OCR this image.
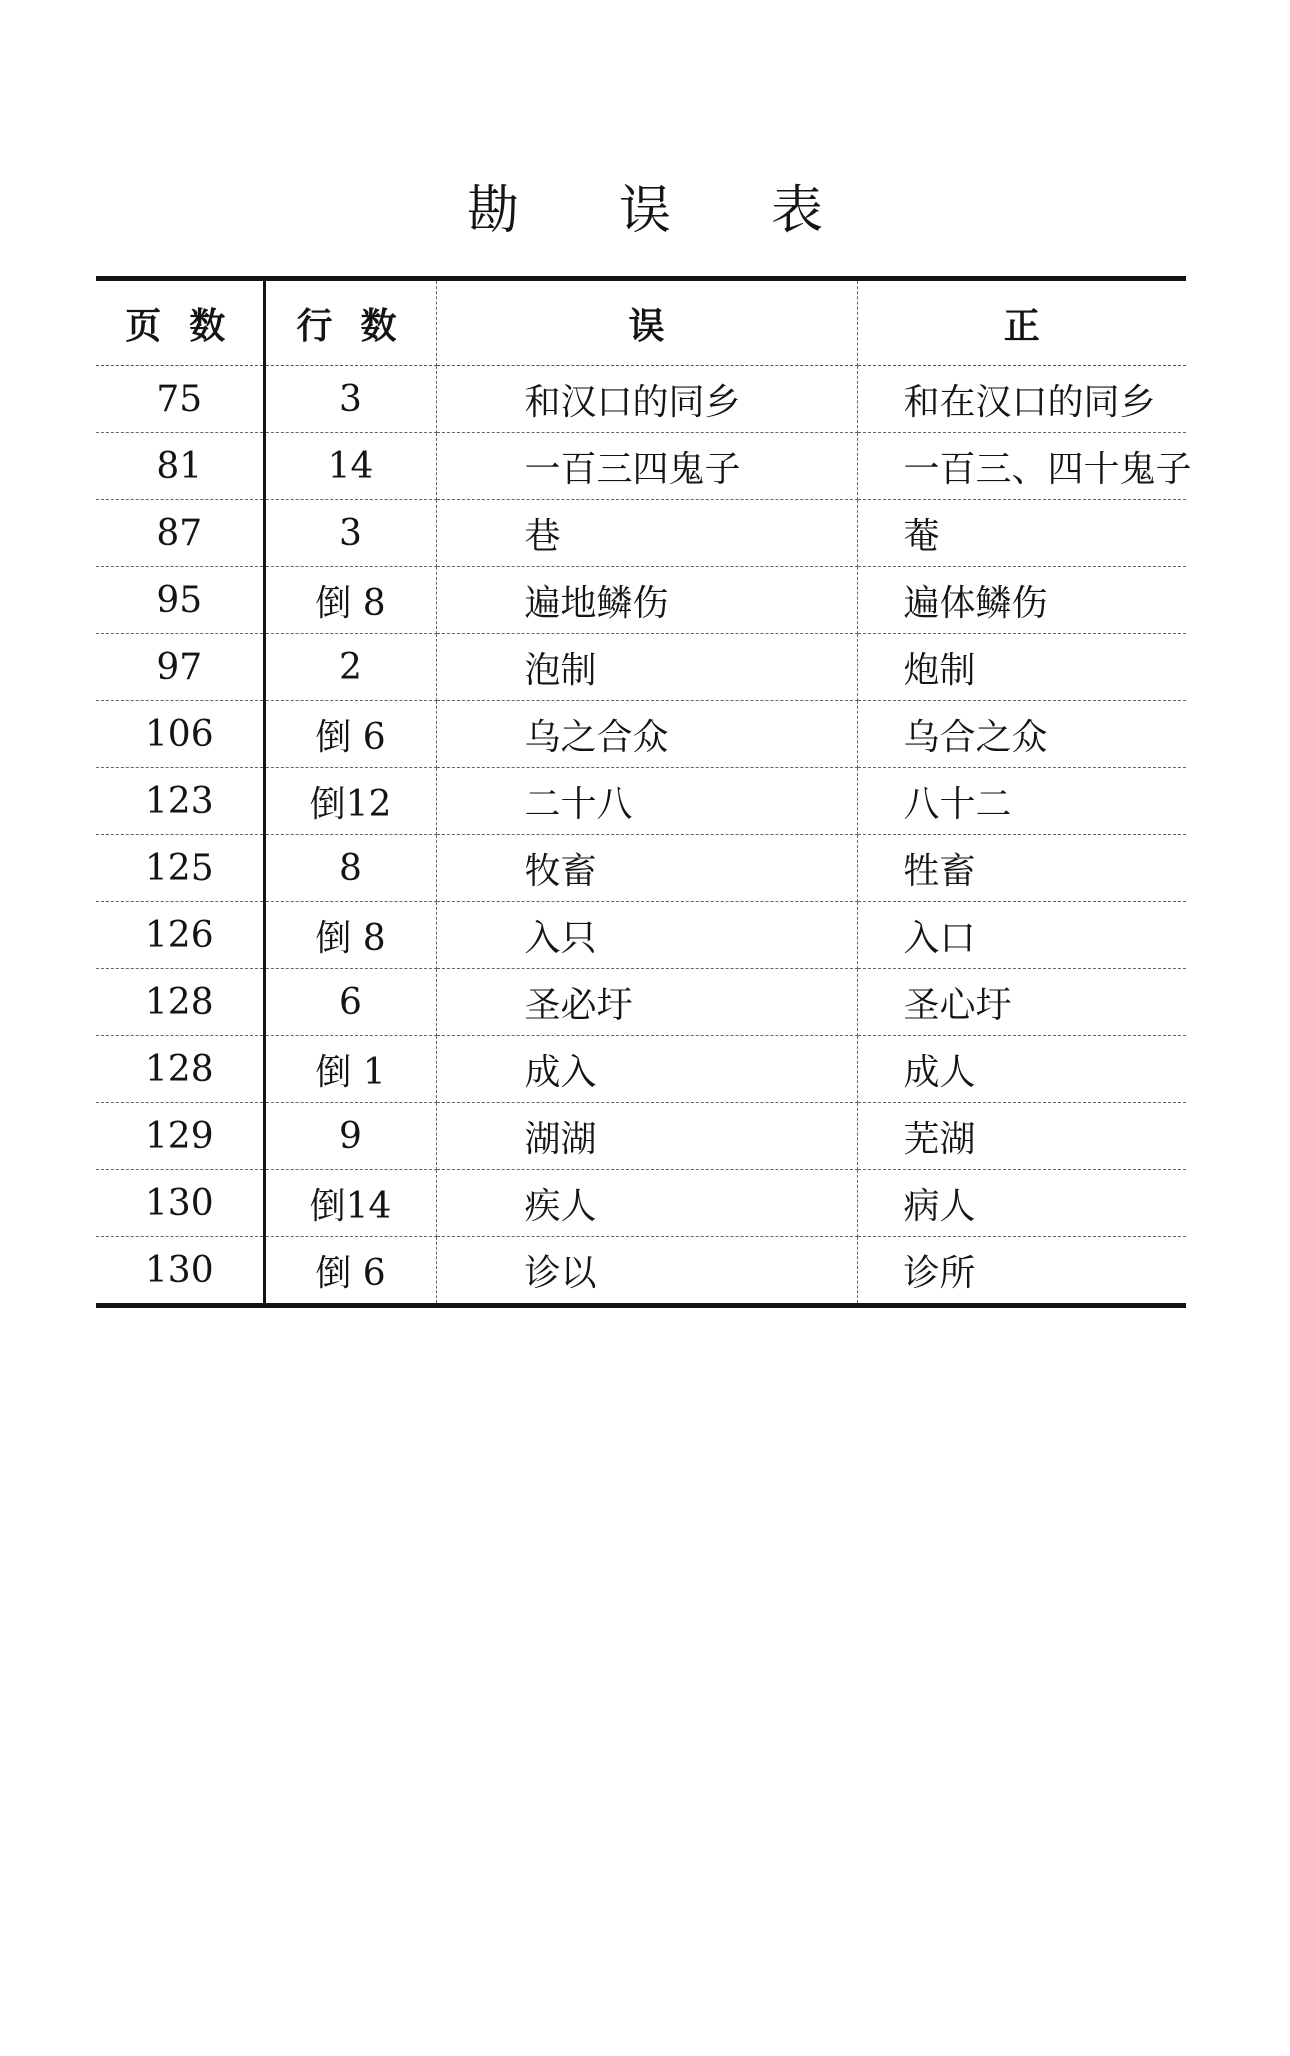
勘 误 表
页数	行数	误	正
75	3	和汉口的同乡	和在汉口的同乡
81	14	一百三四鬼子	一百三、四十鬼子
87	3	巷	菴
95	倒 8	遍地鳞伤	遍体鳞伤
97	2	泡制	炮制
106	倒 6	乌之合众	乌合之众
123	倒12	二十八	八十二
125	8	牧畜	牲畜
126	倒 8	入只	入口
128	6	圣必圩	圣心圩
128	倒 1	成入	成人
129	9	湖湖	芜湖
130	倒14	疾人	病人
130	倒 6	诊以	诊所
